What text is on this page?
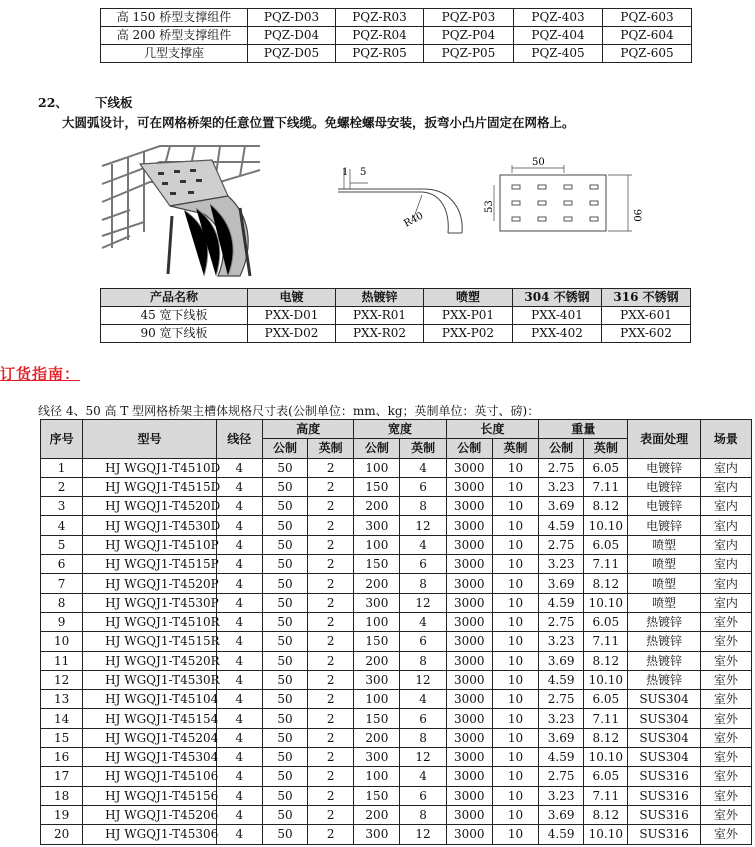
高 150 桥型支撑组件	PQZ-D03	PQZ-R03	PQZ-P03	PQZ-403	PQZ-603
高 200 桥型支撑组件	PQZ-D04	PQZ-R04	PQZ-P04	PQZ-404	PQZ-604
几型支撑座	PQZ-D05	PQZ-R05	PQZ-P05	PQZ-405	PQZ-605
22、 下线板
大圆弧设计，可在网格桥架的任意位置下线缆。免螺栓螺母安装，扳弯小凸片固定在网格上。
1 5
R40
50
53
90
产品名称	电镀	热镀锌	喷塑	304 不锈钢	316 不锈钢
45 宽下线板	PXX-D01	PXX-R01	PXX-P01	PXX-401	PXX-601
90 宽下线板	PXX-D02	PXX-R02	PXX-P02	PXX-402	PXX-602
订货指南：
线径 4、50 高 T 型网格桥架主槽体规格尺寸表(公制单位：mm、kg；英制单位：英寸、磅)：
序号	型号	线径	高度		宽度		长度		重量		表面处理	场景
			公制	英制	公制	英制	公制	英制	公制	英制		
1	HJ WGQJ1-T4510D	4	50	2	100	4	3000	10	2.75	6.05	电镀锌	室内
2	HJ WGQJ1-T4515D	4	50	2	150	6	3000	10	3.23	7.11	电镀锌	室内
3	HJ WGQJ1-T4520D	4	50	2	200	8	3000	10	3.69	8.12	电镀锌	室内
4	HJ WGQJ1-T4530D	4	50	2	300	12	3000	10	4.59	10.10	电镀锌	室内
5	HJ WGQJ1-T4510P	4	50	2	100	4	3000	10	2.75	6.05	喷塑	室内
6	HJ WGQJ1-T4515P	4	50	2	150	6	3000	10	3.23	7.11	喷塑	室内
7	HJ WGQJ1-T4520P	4	50	2	200	8	3000	10	3.69	8.12	喷塑	室内
8	HJ WGQJ1-T4530P	4	50	2	300	12	3000	10	4.59	10.10	喷塑	室内
9	HJ WGQJ1-T4510R	4	50	2	100	4	3000	10	2.75	6.05	热镀锌	室外
10	HJ WGQJ1-T4515R	4	50	2	150	6	3000	10	3.23	7.11	热镀锌	室外
11	HJ WGQJ1-T4520R	4	50	2	200	8	3000	10	3.69	8.12	热镀锌	室外
12	HJ WGQJ1-T4530R	4	50	2	300	12	3000	10	4.59	10.10	热镀锌	室外
13	HJ WGQJ1-T45104	4	50	2	100	4	3000	10	2.75	6.05	SUS304	室外
14	HJ WGQJ1-T45154	4	50	2	150	6	3000	10	3.23	7.11	SUS304	室外
15	HJ WGQJ1-T45204	4	50	2	200	8	3000	10	3.69	8.12	SUS304	室外
16	HJ WGQJ1-T45304	4	50	2	300	12	3000	10	4.59	10.10	SUS304	室外
17	HJ WGQJ1-T45106	4	50	2	100	4	3000	10	2.75	6.05	SUS316	室外
18	HJ WGQJ1-T45156	4	50	2	150	6	3000	10	3.23	7.11	SUS316	室外
19	HJ WGQJ1-T45206	4	50	2	200	8	3000	10	3.69	8.12	SUS316	室外
20	HJ WGQJ1-T45306	4	50	2	300	12	3000	10	4.59	10.10	SUS316	室外
